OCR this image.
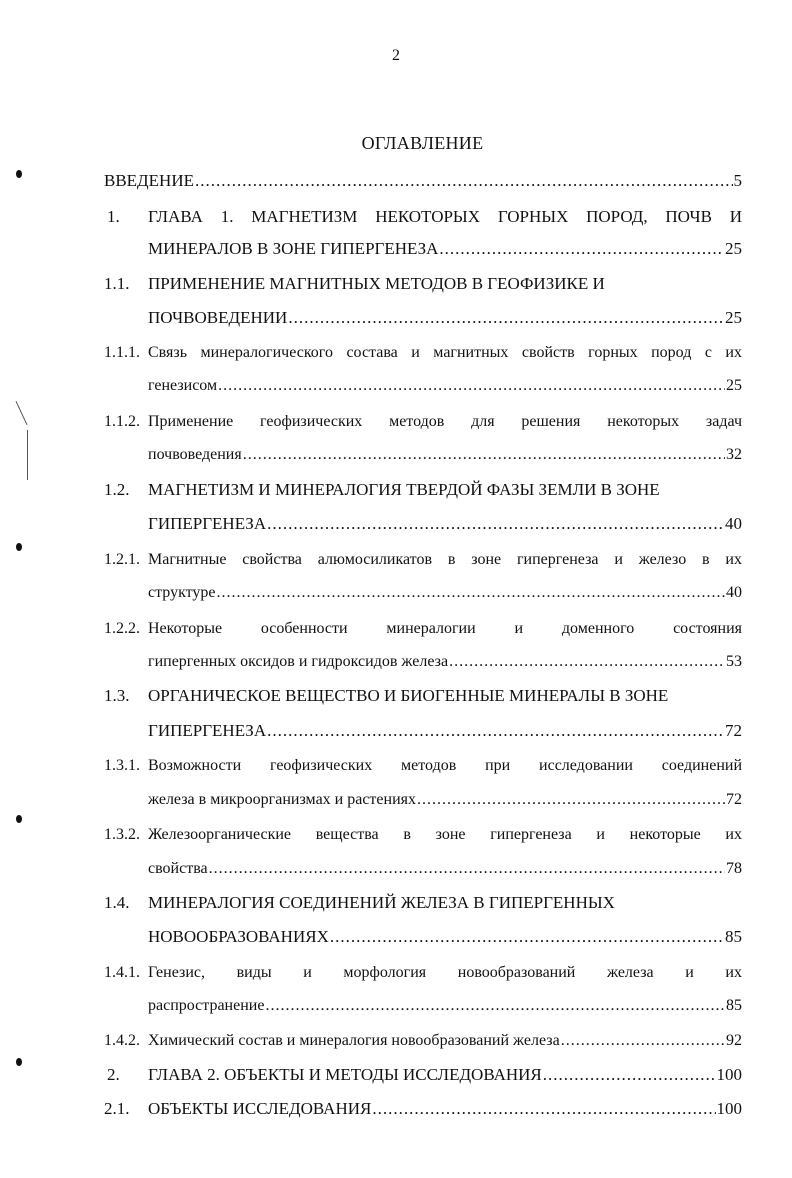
2
ОГЛАВЛЕНИЕ
ВВЕДЕНИЕ .....	5
1. ГЛАВА 1. МАГНЕТИЗМ НЕКОТОРЫХ ГОРНЫХ ПОРОД, ПОЧВ И
МИНЕРАЛОВ В ЗОНЕ ГИПЕРГЕНЕЗА .....	25
1.1. ПРИМЕНЕНИЕ МАГНИТНЫХ МЕТОДОВ В ГЕОФИЗИКЕ И
ПОЧВОВЕДЕНИИ .....	25
1.1.1. Связь минералогического состава и магнитных свойств горных пород с их
генезисом .....	25
1.1.2. Применение геофизических методов для решения некоторых задач
почвоведения .....	32
1.2. МАГНЕТИЗМ И МИНЕРАЛОГИЯ ТВЕРДОЙ ФАЗЫ ЗЕМЛИ В ЗОНЕ
ГИПЕРГЕНЕЗА .....	40
1.2.1. Магнитные свойства алюмосиликатов в зоне гипергенеза и железо в их
структуре .....	40
1.2.2. Некоторые особенности минералогии и доменного состояния
гипергенных оксидов и гидроксидов железа .....	53
1.3. ОРГАНИЧЕСКОЕ ВЕЩЕСТВО И БИОГЕННЫЕ МИНЕРАЛЫ В ЗОНЕ
ГИПЕРГЕНЕЗА .....	72
1.3.1. Возможности геофизических методов при исследовании соединений
железа в микроорганизмах и растениях .....	72
1.3.2. Железоорганические вещества в зоне гипергенеза и некоторые их
свойства .....	78
1.4. МИНЕРАЛОГИЯ СОЕДИНЕНИЙ ЖЕЛЕЗА В ГИПЕРГЕННЫХ
НОВООБРАЗОВАНИЯХ .....	85
1.4.1. Генезис, виды и морфология новообразований железа и их
распространение .....	85
1.4.2. Химический состав и минералогия новообразований железа .....	92
2. ГЛАВА 2. ОБЪЕКТЫ И МЕТОДЫ ИССЛЕДОВАНИЯ .....	100
2.1. ОБЪЕКТЫ ИССЛЕДОВАНИЯ .....	100
